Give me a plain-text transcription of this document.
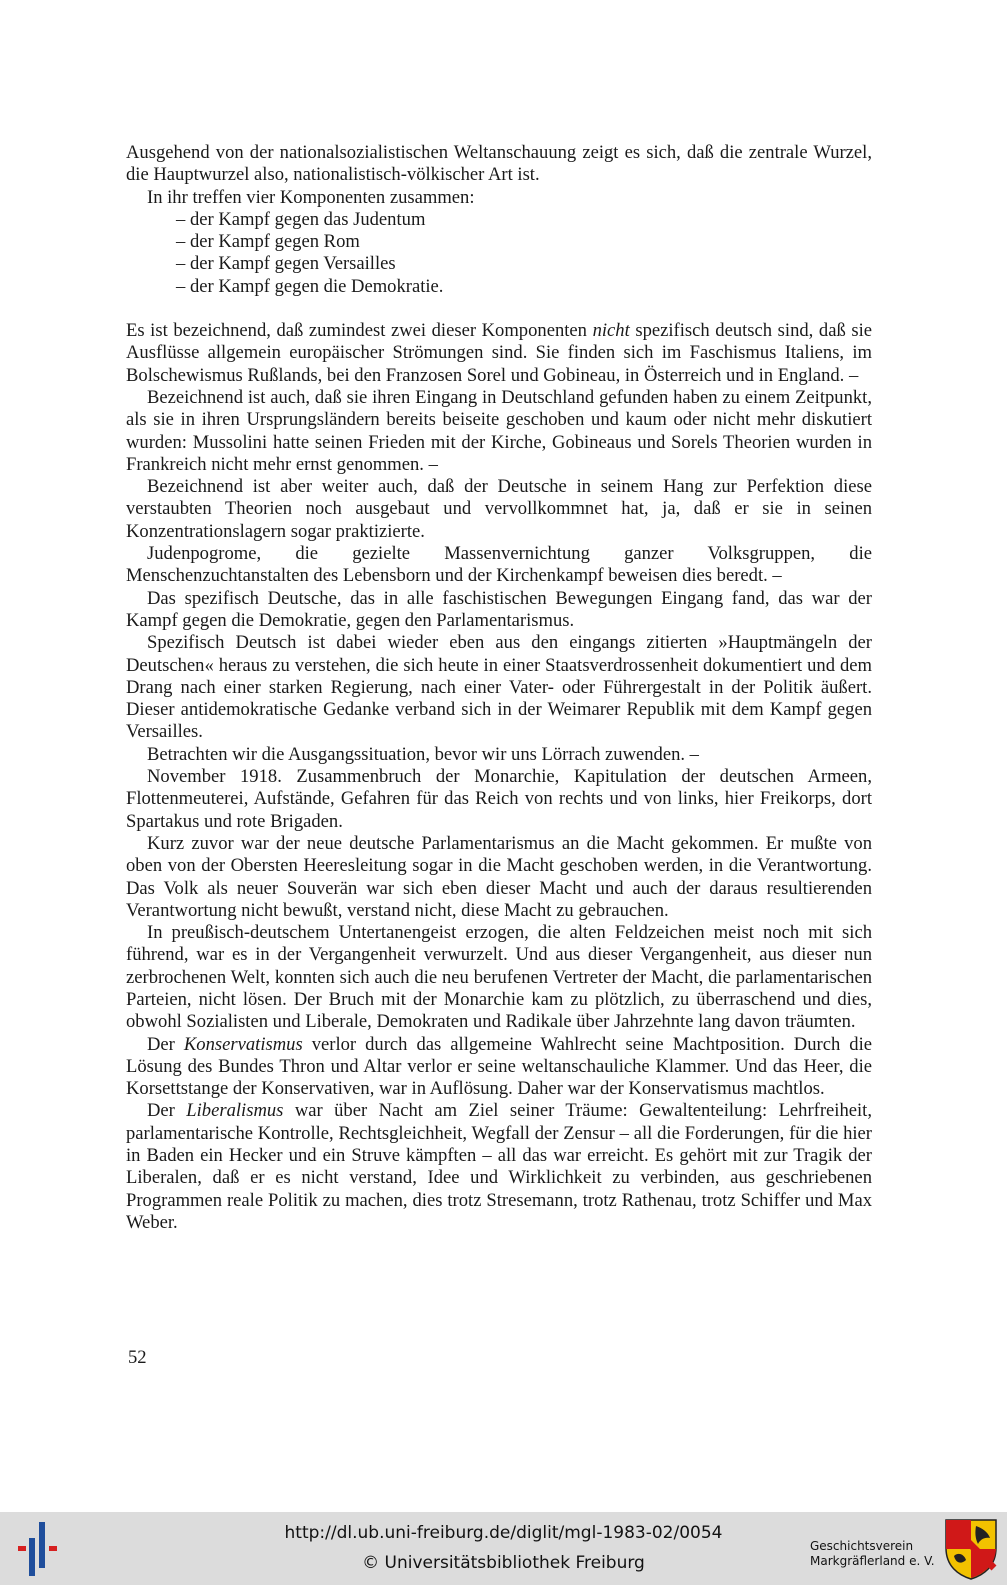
Ausgehend von der nationalsozialistischen Weltanschauung zeigt es sich, daß die zentrale Wurzel, die Hauptwurzel also, nationalistisch-völkischer Art ist.

In ihr treffen vier Komponenten zusammen:

– der Kampf gegen das Judentum
– der Kampf gegen Rom
– der Kampf gegen Versailles
– der Kampf gegen die Demokratie.

Es ist bezeichnend, daß zumindest zwei dieser Komponenten nicht spezifisch deutsch sind, daß sie Ausflüsse allgemein europäischer Strömungen sind. Sie finden sich im Faschismus Italiens, im Bolschewismus Rußlands, bei den Franzosen Sorel und Gobineau, in Österreich und in England. –

Bezeichnend ist auch, daß sie ihren Eingang in Deutschland gefunden haben zu einem Zeitpunkt, als sie in ihren Ursprungsländern bereits beiseite geschoben und kaum oder nicht mehr diskutiert wurden: Mussolini hatte seinen Frieden mit der Kirche, Gobineaus und Sorels Theorien wurden in Frankreich nicht mehr ernst genommen. –

Bezeichnend ist aber weiter auch, daß der Deutsche in seinem Hang zur Perfektion diese verstaubten Theorien noch ausgebaut und vervollkommnet hat, ja, daß er sie in seinen Konzentrationslagern sogar praktizierte.

Judenpogrome, die gezielte Massenvernichtung ganzer Volksgruppen, die Menschenzuchtanstalten des Lebensborn und der Kirchenkampf beweisen dies beredt. –

Das spezifisch Deutsche, das in alle faschistischen Bewegungen Eingang fand, das war der Kampf gegen die Demokratie, gegen den Parlamentarismus.

Spezifisch Deutsch ist dabei wieder eben aus den eingangs zitierten »Hauptmängeln der Deutschen« heraus zu verstehen, die sich heute in einer Staatsverdrossenheit dokumentiert und dem Drang nach einer starken Regierung, nach einer Vater- oder Führergestalt in der Politik äußert. Dieser antidemokratische Gedanke verband sich in der Weimarer Republik mit dem Kampf gegen Versailles.

Betrachten wir die Ausgangssituation, bevor wir uns Lörrach zuwenden. –

November 1918. Zusammenbruch der Monarchie, Kapitulation der deutschen Armeen, Flottenmeuterei, Aufstände, Gefahren für das Reich von rechts und von links, hier Freikorps, dort Spartakus und rote Brigaden.

Kurz zuvor war der neue deutsche Parlamentarismus an die Macht gekommen. Er mußte von oben von der Obersten Heeresleitung sogar in die Macht geschoben werden, in die Verantwortung. Das Volk als neuer Souverän war sich eben dieser Macht und auch der daraus resultierenden Verantwortung nicht bewußt, verstand nicht, diese Macht zu gebrauchen.

In preußisch-deutschem Untertanengeist erzogen, die alten Feldzeichen meist noch mit sich führend, war es in der Vergangenheit verwurzelt. Und aus dieser Vergangenheit, aus dieser nun zerbrochenen Welt, konnten sich auch die neu berufenen Vertreter der Macht, die parlamentarischen Parteien, nicht lösen. Der Bruch mit der Monarchie kam zu plötzlich, zu überraschend und dies, obwohl Sozialisten und Liberale, Demokraten und Radikale über Jahrzehnte lang davon träumten.

Der Konservatismus verlor durch das allgemeine Wahlrecht seine Machtposition. Durch die Lösung des Bundes Thron und Altar verlor er seine weltanschauliche Klammer. Und das Heer, die Korsettstange der Konservativen, war in Auflösung. Daher war der Konservatismus machtlos.

Der Liberalismus war über Nacht am Ziel seiner Träume: Gewaltenteilung: Lehrfreiheit, parlamentarische Kontrolle, Rechtsgleichheit, Wegfall der Zensur – all die Forderungen, für die hier in Baden ein Hecker und ein Struve kämpften – all das war erreicht. Es gehört mit zur Tragik der Liberalen, daß er es nicht verstand, Idee und Wirklichkeit zu verbinden, aus geschriebenen Programmen reale Politik zu machen, dies trotz Stresemann, trotz Rathenau, trotz Schiffer und Max Weber.

52
http://dl.ub.uni-freiburg.de/diglit/mgl-1983-02/0054
© Universitätsbibliothek Freiburg
Geschichtsverein
Markgräflerland e. V.
